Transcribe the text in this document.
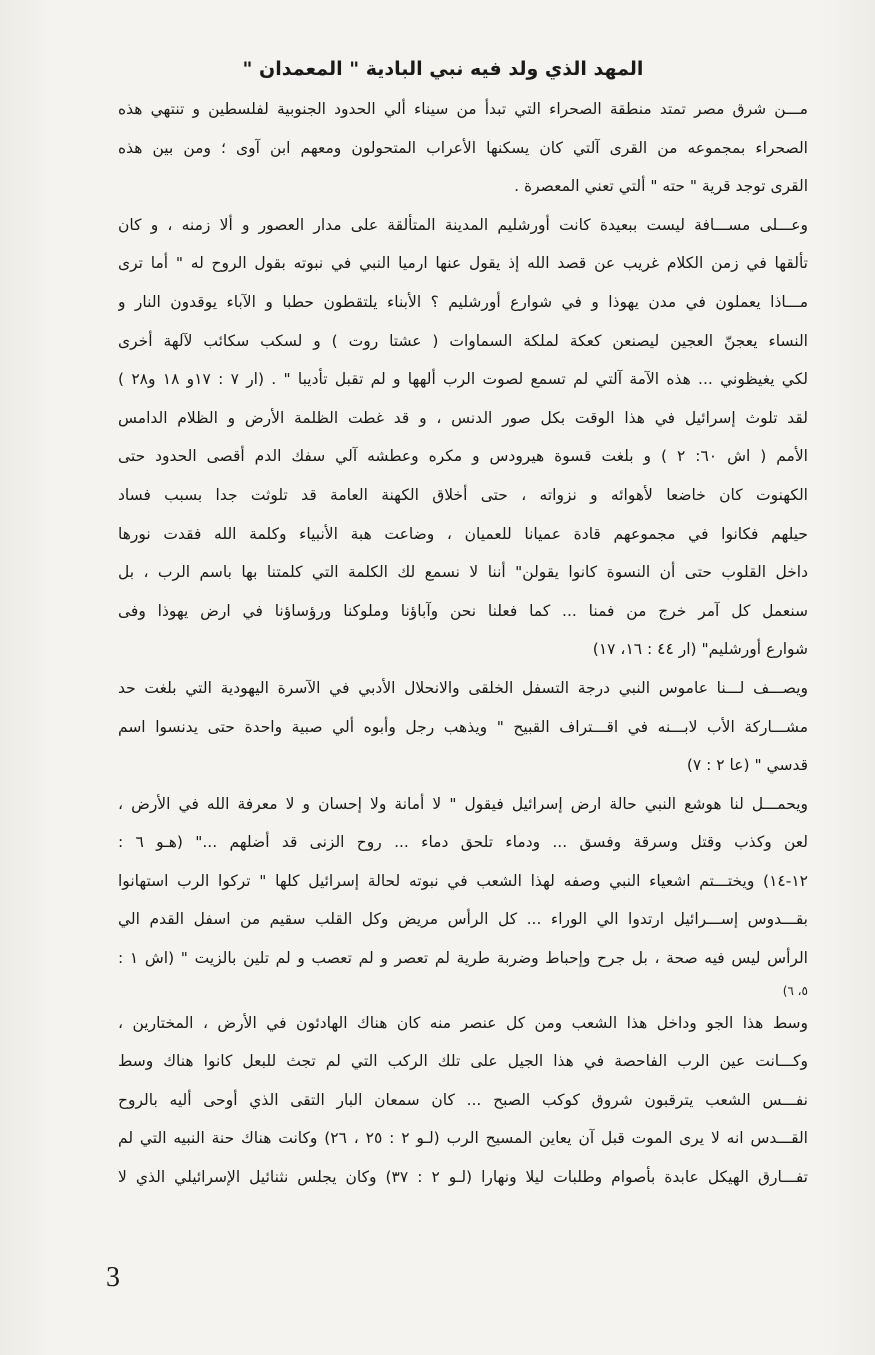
المهد الذي ولد فيه نبي البادية " المعمدان "
مـــن شرق مصر تمتد منطقة الصحراء التي تبدأ من سيناء ألي الحدود الجنوبية لفلسطين و تنتهي هذه
الصحراء بمجموعه من القرى آلتي كان يسكنها الأعراب المتحولون ومعهم ابن آوى ؛ ومن بين هذه
القرى توجد قرية " حته " ألتي تعني المعصرة .
وعـــلى مســـافة ليست ببعيدة كانت أورشليم المدينة المتألقة على مدار العصور و ألا زمنه ، و كان
تألقها في زمن الكلام غريب عن قصد الله إذ يقول عنها ارميا النبي في نبوته بقول الروح له " أما ترى
مـــاذا يعملون في مدن يهوذا و في شوارع أورشليم ؟ الأبناء يلتقطون حطبا و الآباء يوقدون النار و
النساء يعجنّ العجين ليصنعن كعكة لملكة السماوات ( عشتا روت ) و لسكب سكائب لآلهة أخرى
لكي يغيظوني ... هذه الآمة آلتي لم تسمع لصوت الرب ألهها و لم تقبل تأديبا " . (ار ٧ : ١٧و ١٨ و٢٨ )
لقد تلوث إسرائيل في هذا الوقت بكل صور الدنس ، و قد غطت الظلمة الأرض و الظلام الدامس
الأمم ( اش ٦٠: ٢ ) و بلغت قسوة هيرودس و مكره وعطشه آلي سفك الدم أقصى الحدود حتى
الكهنوت كان خاضعا لأهوائه و نزواته ، حتى أخلاق الكهنة العامة قد تلوثت جدا بسبب فساد
حيلهم فكانوا في مجموعهم قادة عميانا للعميان ، وضاعت هبة الأنبياء وكلمة الله فقدت نورها
داخل القلوب حتى أن النسوة كانوا يقولن" أننا لا نسمع لك الكلمة التي كلمتنا بها باسم الرب ، بل
سنعمل كل آمر خرج من فمنا ... كما فعلنا نحن وآباؤنا وملوكنا ورؤساؤنا في ارض يهوذا وفى
شوارع أورشليم" (ار ٤٤ : ١٦، ١٧)
ويصـــف لـــنا عاموس النبي درجة التسفل الخلقى والانحلال الأدبي في الآسرة اليهودية التي بلغت حد
مشـــاركة الأب لابـــنه في اقـــتراف القبيح " ويذهب رجل وأبوه ألي صبية واحدة حتى يدنسوا اسم
قدسي " (عا ٢ : ٧)
ويحمـــل لنا هوشع النبي حالة ارض إسرائيل فيقول " لا أمانة ولا إحسان و لا معرفة الله في الأرض ،
لعن وكذب وقتل وسرقة وفسق ... ودماء تلحق دماء ... روح الزنى قد أضلهم ..." (هـو ٦ :
١٢-١٤) ويختـــتم اشعياء النبي وصفه لهذا الشعب في نبوته لحالة إسرائيل كلها " تركوا الرب استهانوا
بقـــدوس إســـرائيل ارتدوا الي الوراء ... كل الرأس مريض وكل القلب سقيم من اسفل القدم الي
الرأس ليس فيه صحة ، بل جرح وإحباط وضربة طرية لم تعصر و لم تعصب و لم تلين بالزيت " (اش ١ :
٥، ٦)
وسط هذا الجو وداخل هذا الشعب ومن كل عنصر منه كان هناك الهادئون في الأرض ، المختارين ،
وكـــانت عين الرب الفاحصة في هذا الجيل على تلك الركب التي لم تجث للبعل كانوا هناك وسط
نفـــس الشعب يترقبون شروق كوكب الصبح ... كان سمعان البار التقى الذي أوحى أليه بالروح
القـــدس انه لا يرى الموت قبل آن يعاين المسيح الرب (لـو ٢ : ٢٥ ، ٢٦) وكانت هناك حنة النبيه التي لم
تفـــارق الهيكل عابدة بأصوام وطلبات ليلا ونهارا (لـو ٢ : ٣٧) وكان يجلس نثنائيل الإسرائيلي الذي لا
3
